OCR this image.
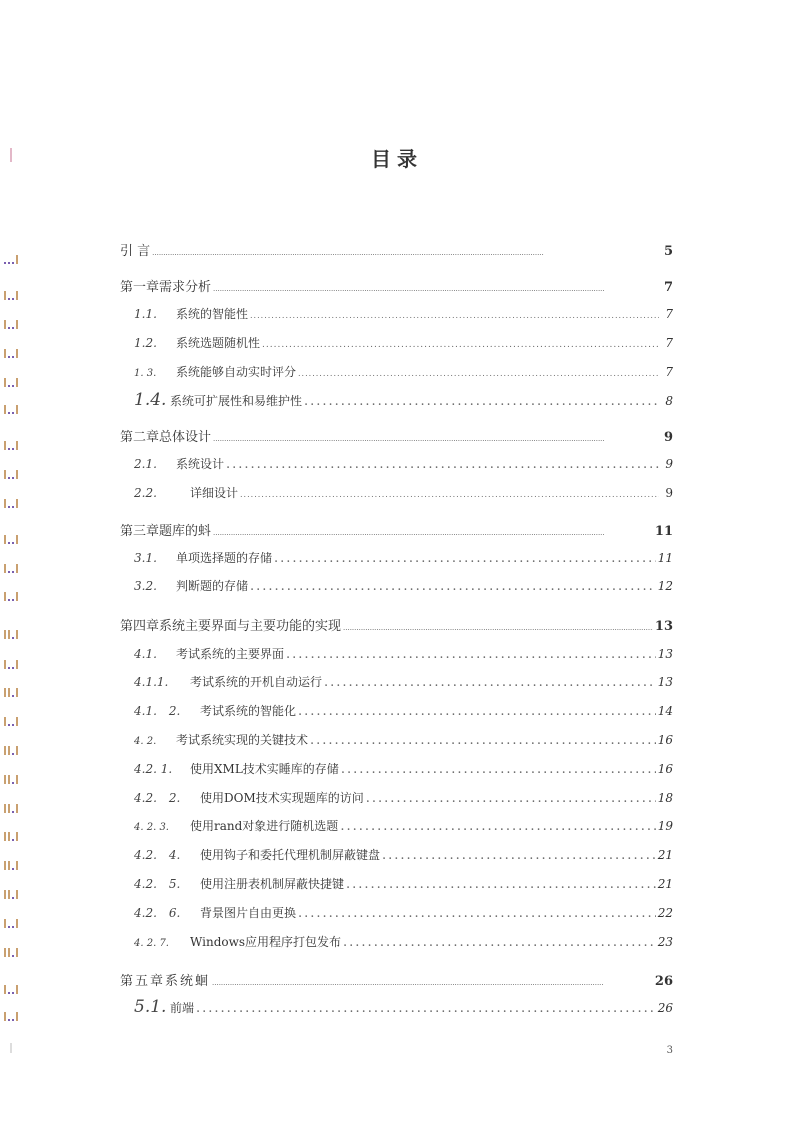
目录
引 言 .....	5
第一章需求分析 .....	7
1.1.	系统的智能性 .....	7
1.2.	系统选题随机性 .....	7
1. 3.	系统能够自动实时评分 .....	7
1.4. 系统可扩展性和易维护性 .....	8
第二章总体设计 .....	9
2.1.	系统设计 .....	9
2.2.	详细设计 .....	9
第三章题库的蚪 .....	11
3.1.	单项选择题的存储 .....	11
3.2.	判断题的存储 .....	12
第四章系统主要界面与主要功能的实现 .....	13
4.1.	考试系统的主要界面 .....	13
4.1.1.	考试系统的开机自动运行 .....	13
4.1.　2.	考试系统的智能化 .....	14
4. 2.	考试系统实现的关键技术 .....	16
4.2. 1.	使用XML技术实睡库的存储 .....	16
4.2.　2.	使用DOM技术实现题库的访问 .....	18
4. 2. 3.	使用rand对象进行随机选题 .....	19
4.2.　4.	使用钩子和委托代理机制屏蔽键盘 .....	21
4.2.　5.	使用注册表机制屏蔽快捷键 .....	21
4.2.　6.	背景图片自由更换 .....	22
4. 2. 7.	Windows应用程序打包发布 .....	23
第五章系统蛔 .....	26
5.1. 前端 .....	26
3
